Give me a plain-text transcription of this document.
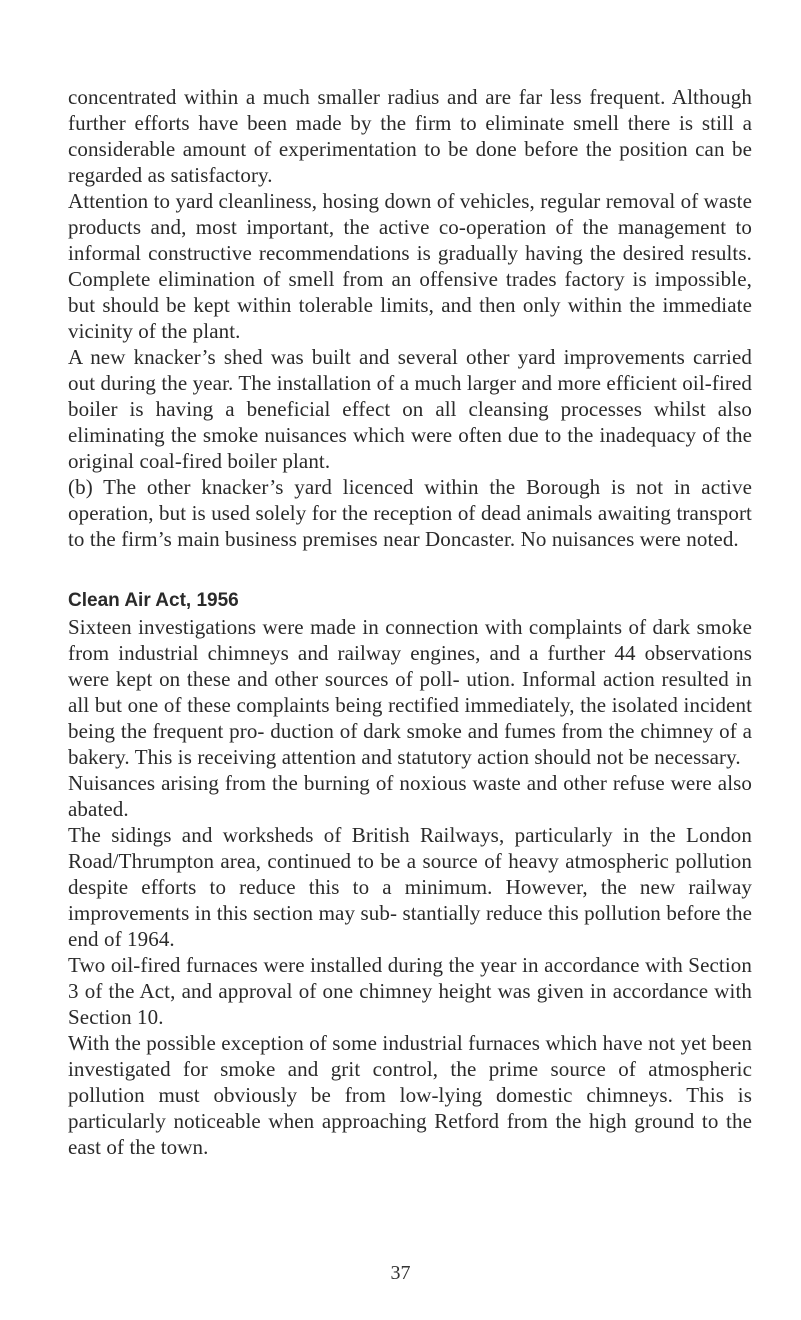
concentrated within a much smaller radius and are far less frequent. Although further efforts have been made by the firm to eliminate smell there is still a considerable amount of experimentation to be done before the position can be regarded as satisfactory.

Attention to yard cleanliness, hosing down of vehicles, regular removal of waste products and, most important, the active co-operation of the management to informal constructive recommendations is gradually having the desired results. Complete elimination of smell from an offensive trades factory is impossible, but should be kept within tolerable limits, and then only within the immediate vicinity of the plant.

A new knacker’s shed was built and several other yard improvements carried out during the year. The installation of a much larger and more efficient oil-fired boiler is having a beneficial effect on all cleansing processes whilst also eliminating the smoke nuisances which were often due to the inadequacy of the original coal-fired boiler plant.

(b) The other knacker’s yard licenced within the Borough is not in active operation, but is used solely for the reception of dead animals awaiting transport to the firm’s main business premises near Doncaster. No nuisances were noted.

Clean Air Act, 1956

Sixteen investigations were made in connection with complaints of dark smoke from industrial chimneys and railway engines, and a further 44 observations were kept on these and other sources of poll- ution. Informal action resulted in all but one of these complaints being rectified immediately, the isolated incident being the frequent pro- duction of dark smoke and fumes from the chimney of a bakery. This is receiving attention and statutory action should not be necessary.

Nuisances arising from the burning of noxious waste and other refuse were also abated.

The sidings and worksheds of British Railways, particularly in the London Road/Thrumpton area, continued to be a source of heavy atmospheric pollution despite efforts to reduce this to a minimum. However, the new railway improvements in this section may sub- stantially reduce this pollution before the end of 1964.

Two oil-fired furnaces were installed during the year in accordance with Section 3 of the Act, and approval of one chimney height was given in accordance with Section 10.

With the possible exception of some industrial furnaces which have not yet been investigated for smoke and grit control, the prime source of atmospheric pollution must obviously be from low-lying domestic chimneys. This is particularly noticeable when approaching Retford from the high ground to the east of the town.

37
